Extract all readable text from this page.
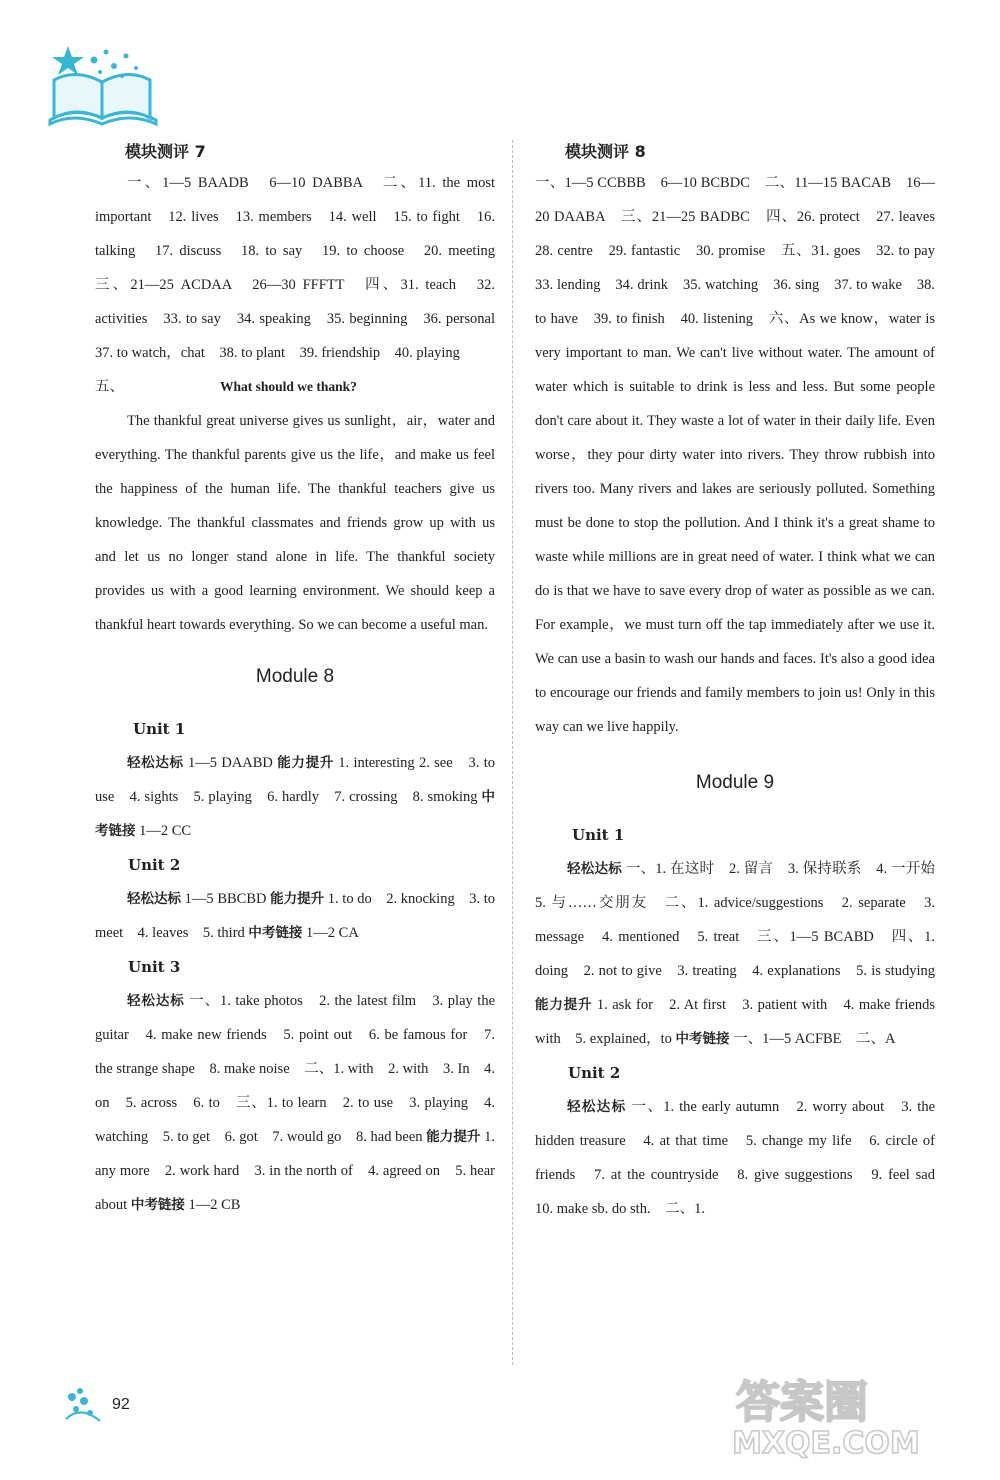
模块测评 7

一、1—5 BAADB　6—10 DABBA　二、11. the most important　12. lives　13. members　14. well　15. to fight　16. talking　17. discuss　18. to say　19. to choose　20. meeting　三、21—25 ACDAA　26—30 FFFTT　四、31. teach　32. activities　33. to say　34. speaking　35. beginning　36. personal　37. to watch，chat　38. to plant　39. friendship　40. playing

五、	What should we thank?

The thankful great universe gives us sunlight，air，water and everything. The thankful parents give us the life，and make us feel the happiness of the human life. The thankful teachers give us knowledge. The thankful classmates and friends grow up with us and let us no longer stand alone in life. The thankful society provides us with a good learning environment. We should keep a thankful heart towards everything. So we can become a useful man.

Module 8
Unit 1

轻松达标 1—5 DAABD 能力提升 1. interesting 2. see　3. to use　4. sights　5. playing　6. hardly　7. crossing　8. smoking 中考链接 1—2 CC

Unit 2

轻松达标 1—5 BBCBD 能力提升 1. to do　2. knocking　3. to meet　4. leaves　5. third 中考链接 1—2 CA

Unit 3

轻松达标 一、1. take photos　2. the latest film　3. play the guitar　4. make new friends　5. point out　6. be famous for　7. the strange shape　8. make noise　二、1. with　2. with　3. In　4. on　5. across　6. to　三、1. to learn　2. to use　3. playing　4. watching　5. to get　6. got　7. would go　8. had been 能力提升 1. any more　2. work hard　3. in the north of　4. agreed on　5. hear about 中考链接 1—2 CB

模块测评 8

一、1—5 CCBBB　6—10 BCBDC　二、11—15 BACAB　16—20 DAABA　三、21—25 BADBC　四、26. protect　27. leaves　28. centre　29. fantastic　30. promise　五、31. goes　32. to pay　33. lending　34. drink　35. watching　36. sing　37. to wake　38. to have　39. to finish　40. listening　六、As we know，water is very important to man. We can't live without water. The amount of water which is suitable to drink is less and less. But some people don't care about it. They waste a lot of water in their daily life. Even worse，they pour dirty water into rivers. They throw rubbish into rivers too. Many rivers and lakes are seriously polluted. Something must be done to stop the pollution. And I think it's a great shame to waste while millions are in great need of water. I think what we can do is that we have to save every drop of water as possible as we can. For example，we must turn off the tap immediately after we use it. We can use a basin to wash our hands and faces. It's also a good idea to encourage our friends and family members to join us! Only in this way can we live happily.

Module 9
Unit 1

轻松达标 一、1. 在这时　2. 留言　3. 保持联系　4. 一开始　5. 与……交朋友　二、1. advice/suggestions　2. separate　3. message　4. mentioned　5. treat　三、1—5 BCABD　四、1. doing　2. not to give　3. treating　4. explanations　5. is studying 能力提升 1. ask for　2. At first　3. patient with　4. make friends with　5. explained，to 中考链接 一、1—5 ACFBE　二、A

Unit 2

轻松达标 一、1. the early autumn　2. worry about　3. the hidden treasure　4. at that time　5. change my life　6. circle of friends　7. at the countryside　8. give suggestions　9. feel sad　10. make sb. do sth.　二、1.

92	答案圈
MXQE.COM
